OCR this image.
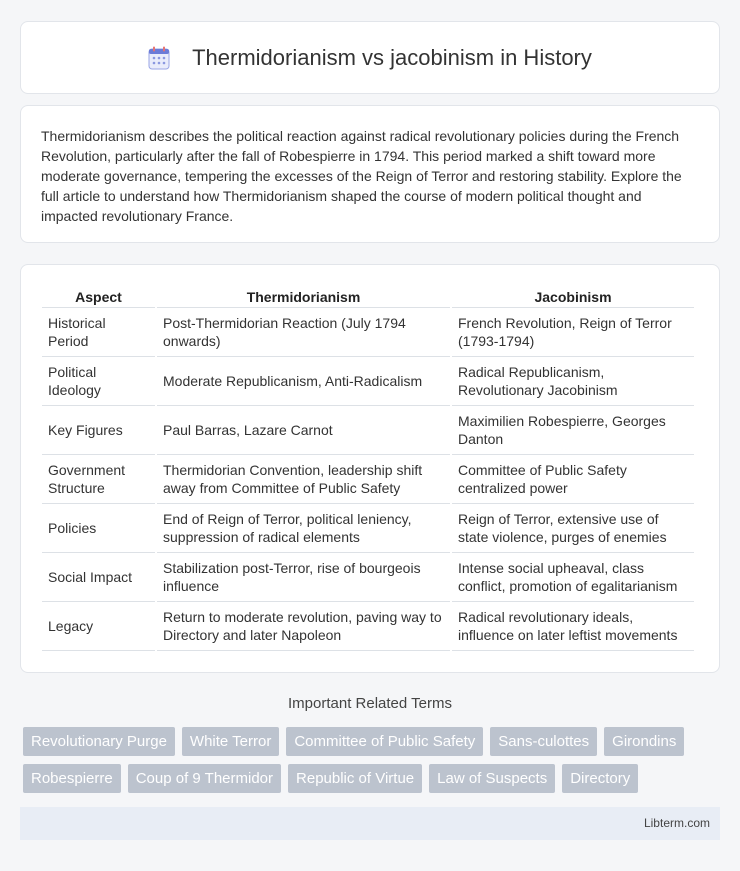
Thermidorianism vs jacobinism in History

Thermidorianism describes the political reaction against radical revolutionary policies during the French Revolution, particularly after the fall of Robespierre in 1794. This period marked a shift toward more moderate governance, tempering the excesses of the Reign of Terror and restoring stability. Explore the full article to understand how Thermidorianism shaped the course of modern political thought and impacted revolutionary France.

Aspect	Thermidorianism	Jacobinism
Historical Period	Post-Thermidorian Reaction (July 1794 onwards)	French Revolution, Reign of Terror (1793-1794)
Political Ideology	Moderate Republicanism, Anti-Radicalism	Radical Republicanism, Revolutionary Jacobinism
Key Figures	Paul Barras, Lazare Carnot	Maximilien Robespierre, Georges Danton
Government Structure	Thermidorian Convention, leadership shift away from Committee of Public Safety	Committee of Public Safety centralized power
Policies	End of Reign of Terror, political leniency, suppression of radical elements	Reign of Terror, extensive use of state violence, purges of enemies
Social Impact	Stabilization post-Terror, rise of bourgeois influence	Intense social upheaval, class conflict, promotion of egalitarianism
Legacy	Return to moderate revolution, paving way to Directory and later Napoleon	Radical revolutionary ideals, influence on later leftist movements
Important Related Terms
Revolutionary Purge	White Terror	Committee of Public Safety	Sans-culottes	Girondins
Robespierre	Coup of 9 Thermidor	Republic of Virtue	Law of Suspects	Directory
Libterm.com
